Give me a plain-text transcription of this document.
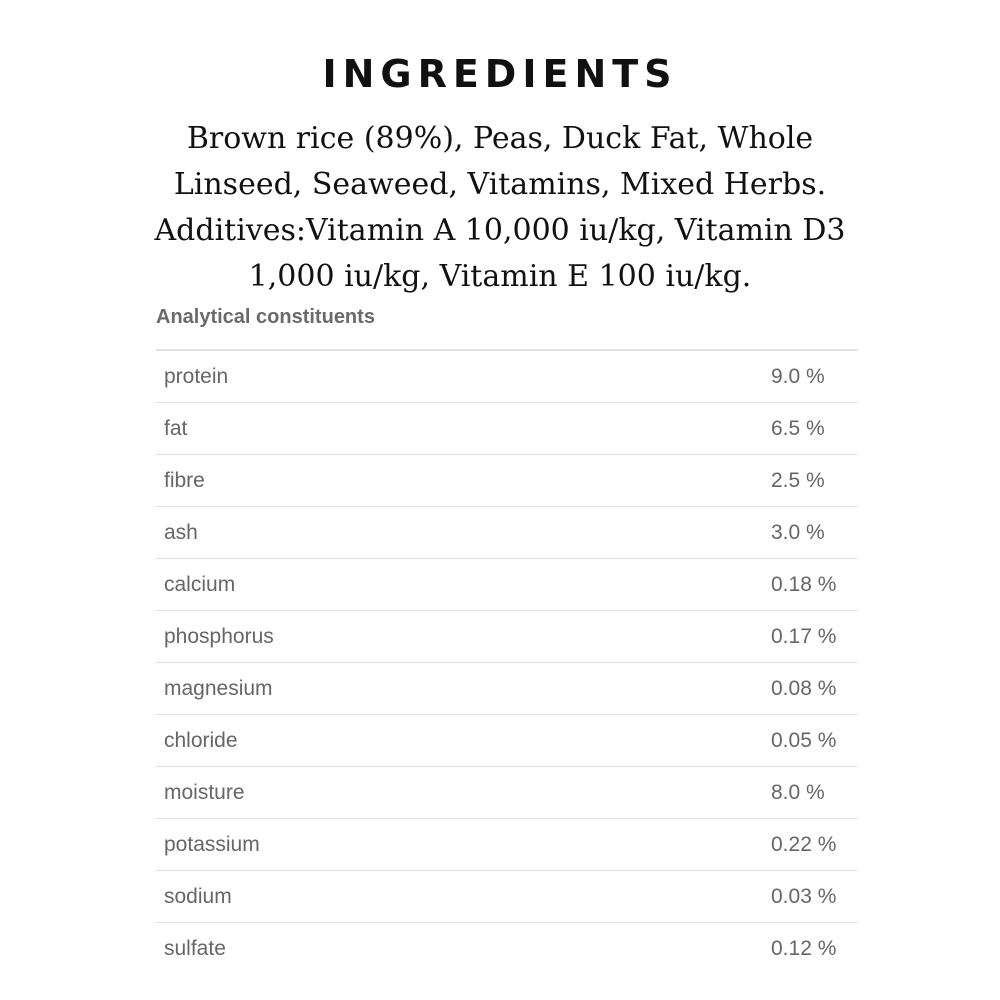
INGREDIENTS
Brown rice (89%), Peas, Duck Fat, Whole
Linseed, Seaweed, Vitamins, Mixed Herbs.
Additives:Vitamin A 10,000 iu/kg, Vitamin D3
1,000 iu/kg, Vitamin E 100 iu/kg.
Analytical constituents
protein	9.0 %
fat	6.5 %
fibre	2.5 %
ash	3.0 %
calcium	0.18 %
phosphorus	0.17 %
magnesium	0.08 %
chloride	0.05 %
moisture	8.0 %
potassium	0.22 %
sodium	0.03 %
sulfate	0.12 %
